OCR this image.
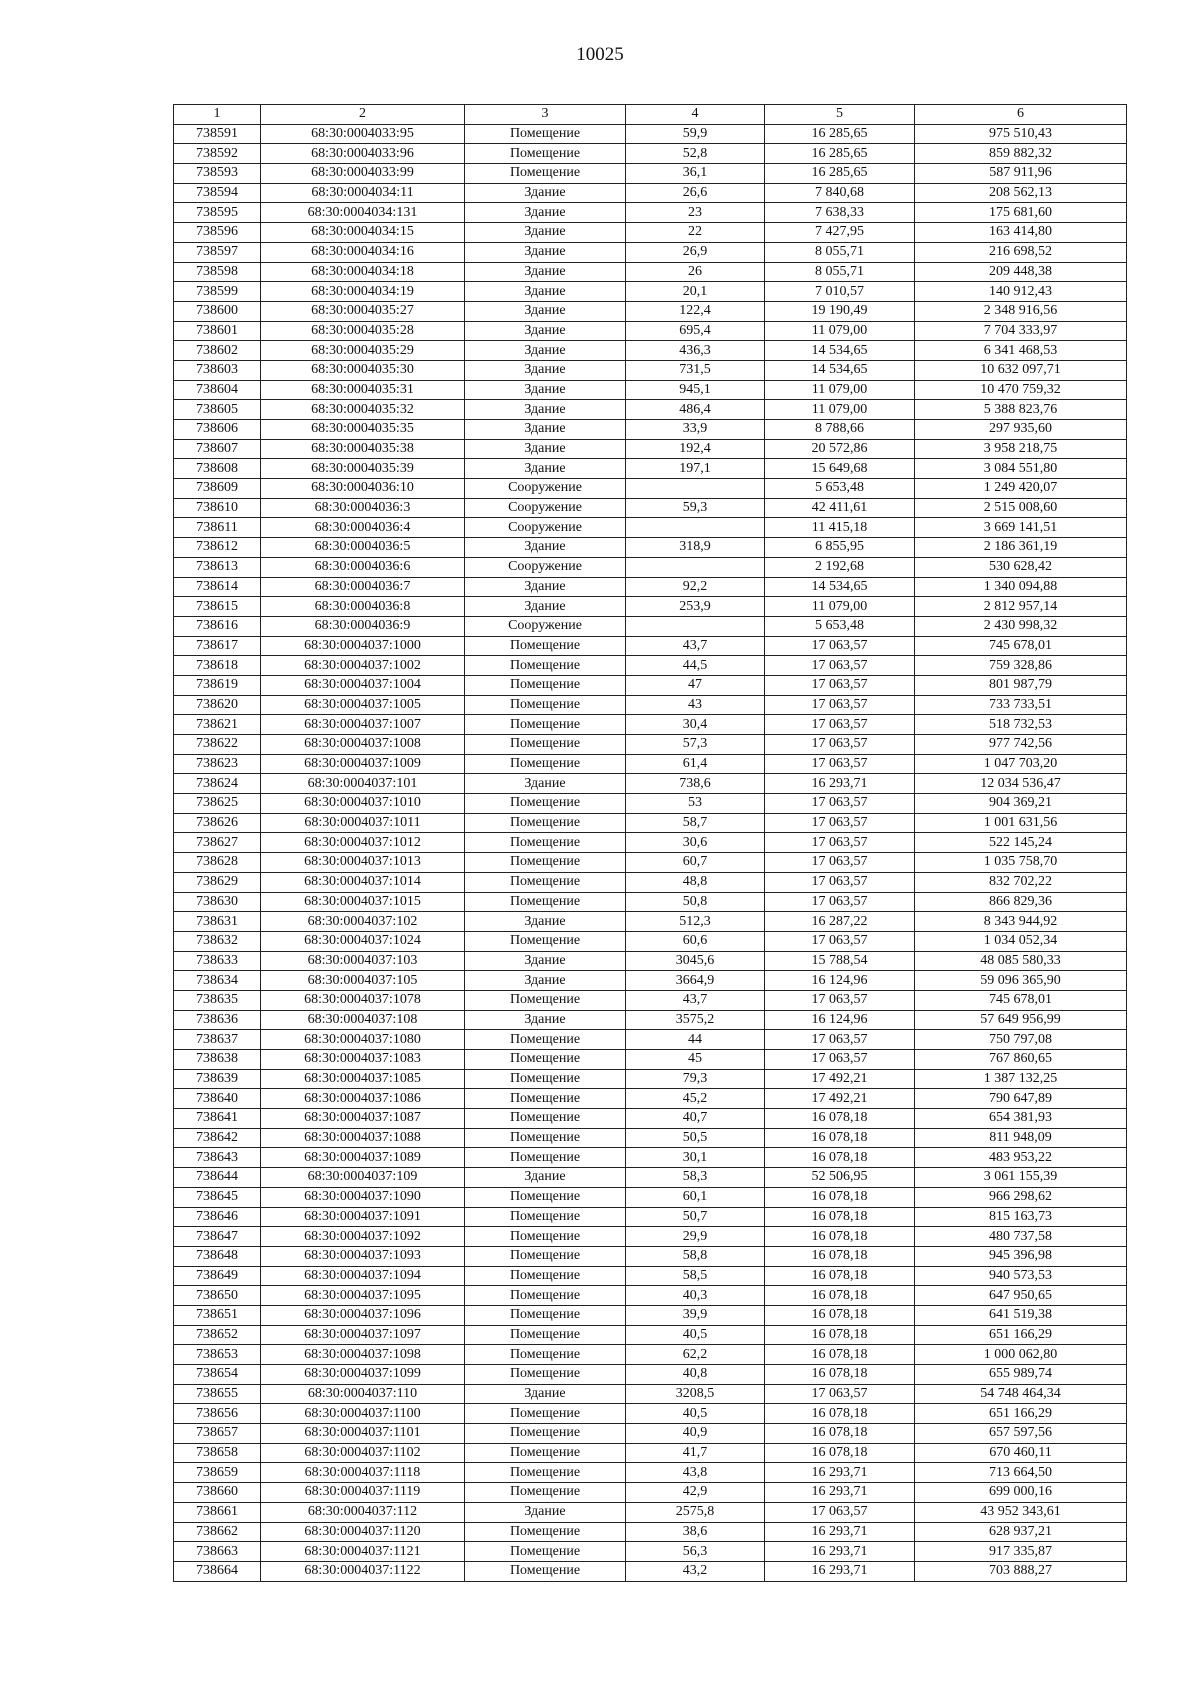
10025
1	2	3	4	5	6
738591	68:30:0004033:95	Помещение	59,9	16 285,65	975 510,43
738592	68:30:0004033:96	Помещение	52,8	16 285,65	859 882,32
738593	68:30:0004033:99	Помещение	36,1	16 285,65	587 911,96
738594	68:30:0004034:11	Здание	26,6	7 840,68	208 562,13
738595	68:30:0004034:131	Здание	23	7 638,33	175 681,60
738596	68:30:0004034:15	Здание	22	7 427,95	163 414,80
738597	68:30:0004034:16	Здание	26,9	8 055,71	216 698,52
738598	68:30:0004034:18	Здание	26	8 055,71	209 448,38
738599	68:30:0004034:19	Здание	20,1	7 010,57	140 912,43
738600	68:30:0004035:27	Здание	122,4	19 190,49	2 348 916,56
738601	68:30:0004035:28	Здание	695,4	11 079,00	7 704 333,97
738602	68:30:0004035:29	Здание	436,3	14 534,65	6 341 468,53
738603	68:30:0004035:30	Здание	731,5	14 534,65	10 632 097,71
738604	68:30:0004035:31	Здание	945,1	11 079,00	10 470 759,32
738605	68:30:0004035:32	Здание	486,4	11 079,00	5 388 823,76
738606	68:30:0004035:35	Здание	33,9	8 788,66	297 935,60
738607	68:30:0004035:38	Здание	192,4	20 572,86	3 958 218,75
738608	68:30:0004035:39	Здание	197,1	15 649,68	3 084 551,80
738609	68:30:0004036:10	Сооружение		5 653,48	1 249 420,07
738610	68:30:0004036:3	Сооружение	59,3	42 411,61	2 515 008,60
738611	68:30:0004036:4	Сооружение		11 415,18	3 669 141,51
738612	68:30:0004036:5	Здание	318,9	6 855,95	2 186 361,19
738613	68:30:0004036:6	Сооружение		2 192,68	530 628,42
738614	68:30:0004036:7	Здание	92,2	14 534,65	1 340 094,88
738615	68:30:0004036:8	Здание	253,9	11 079,00	2 812 957,14
738616	68:30:0004036:9	Сооружение		5 653,48	2 430 998,32
738617	68:30:0004037:1000	Помещение	43,7	17 063,57	745 678,01
738618	68:30:0004037:1002	Помещение	44,5	17 063,57	759 328,86
738619	68:30:0004037:1004	Помещение	47	17 063,57	801 987,79
738620	68:30:0004037:1005	Помещение	43	17 063,57	733 733,51
738621	68:30:0004037:1007	Помещение	30,4	17 063,57	518 732,53
738622	68:30:0004037:1008	Помещение	57,3	17 063,57	977 742,56
738623	68:30:0004037:1009	Помещение	61,4	17 063,57	1 047 703,20
738624	68:30:0004037:101	Здание	738,6	16 293,71	12 034 536,47
738625	68:30:0004037:1010	Помещение	53	17 063,57	904 369,21
738626	68:30:0004037:1011	Помещение	58,7	17 063,57	1 001 631,56
738627	68:30:0004037:1012	Помещение	30,6	17 063,57	522 145,24
738628	68:30:0004037:1013	Помещение	60,7	17 063,57	1 035 758,70
738629	68:30:0004037:1014	Помещение	48,8	17 063,57	832 702,22
738630	68:30:0004037:1015	Помещение	50,8	17 063,57	866 829,36
738631	68:30:0004037:102	Здание	512,3	16 287,22	8 343 944,92
738632	68:30:0004037:1024	Помещение	60,6	17 063,57	1 034 052,34
738633	68:30:0004037:103	Здание	3045,6	15 788,54	48 085 580,33
738634	68:30:0004037:105	Здание	3664,9	16 124,96	59 096 365,90
738635	68:30:0004037:1078	Помещение	43,7	17 063,57	745 678,01
738636	68:30:0004037:108	Здание	3575,2	16 124,96	57 649 956,99
738637	68:30:0004037:1080	Помещение	44	17 063,57	750 797,08
738638	68:30:0004037:1083	Помещение	45	17 063,57	767 860,65
738639	68:30:0004037:1085	Помещение	79,3	17 492,21	1 387 132,25
738640	68:30:0004037:1086	Помещение	45,2	17 492,21	790 647,89
738641	68:30:0004037:1087	Помещение	40,7	16 078,18	654 381,93
738642	68:30:0004037:1088	Помещение	50,5	16 078,18	811 948,09
738643	68:30:0004037:1089	Помещение	30,1	16 078,18	483 953,22
738644	68:30:0004037:109	Здание	58,3	52 506,95	3 061 155,39
738645	68:30:0004037:1090	Помещение	60,1	16 078,18	966 298,62
738646	68:30:0004037:1091	Помещение	50,7	16 078,18	815 163,73
738647	68:30:0004037:1092	Помещение	29,9	16 078,18	480 737,58
738648	68:30:0004037:1093	Помещение	58,8	16 078,18	945 396,98
738649	68:30:0004037:1094	Помещение	58,5	16 078,18	940 573,53
738650	68:30:0004037:1095	Помещение	40,3	16 078,18	647 950,65
738651	68:30:0004037:1096	Помещение	39,9	16 078,18	641 519,38
738652	68:30:0004037:1097	Помещение	40,5	16 078,18	651 166,29
738653	68:30:0004037:1098	Помещение	62,2	16 078,18	1 000 062,80
738654	68:30:0004037:1099	Помещение	40,8	16 078,18	655 989,74
738655	68:30:0004037:110	Здание	3208,5	17 063,57	54 748 464,34
738656	68:30:0004037:1100	Помещение	40,5	16 078,18	651 166,29
738657	68:30:0004037:1101	Помещение	40,9	16 078,18	657 597,56
738658	68:30:0004037:1102	Помещение	41,7	16 078,18	670 460,11
738659	68:30:0004037:1118	Помещение	43,8	16 293,71	713 664,50
738660	68:30:0004037:1119	Помещение	42,9	16 293,71	699 000,16
738661	68:30:0004037:112	Здание	2575,8	17 063,57	43 952 343,61
738662	68:30:0004037:1120	Помещение	38,6	16 293,71	628 937,21
738663	68:30:0004037:1121	Помещение	56,3	16 293,71	917 335,87
738664	68:30:0004037:1122	Помещение	43,2	16 293,71	703 888,27
